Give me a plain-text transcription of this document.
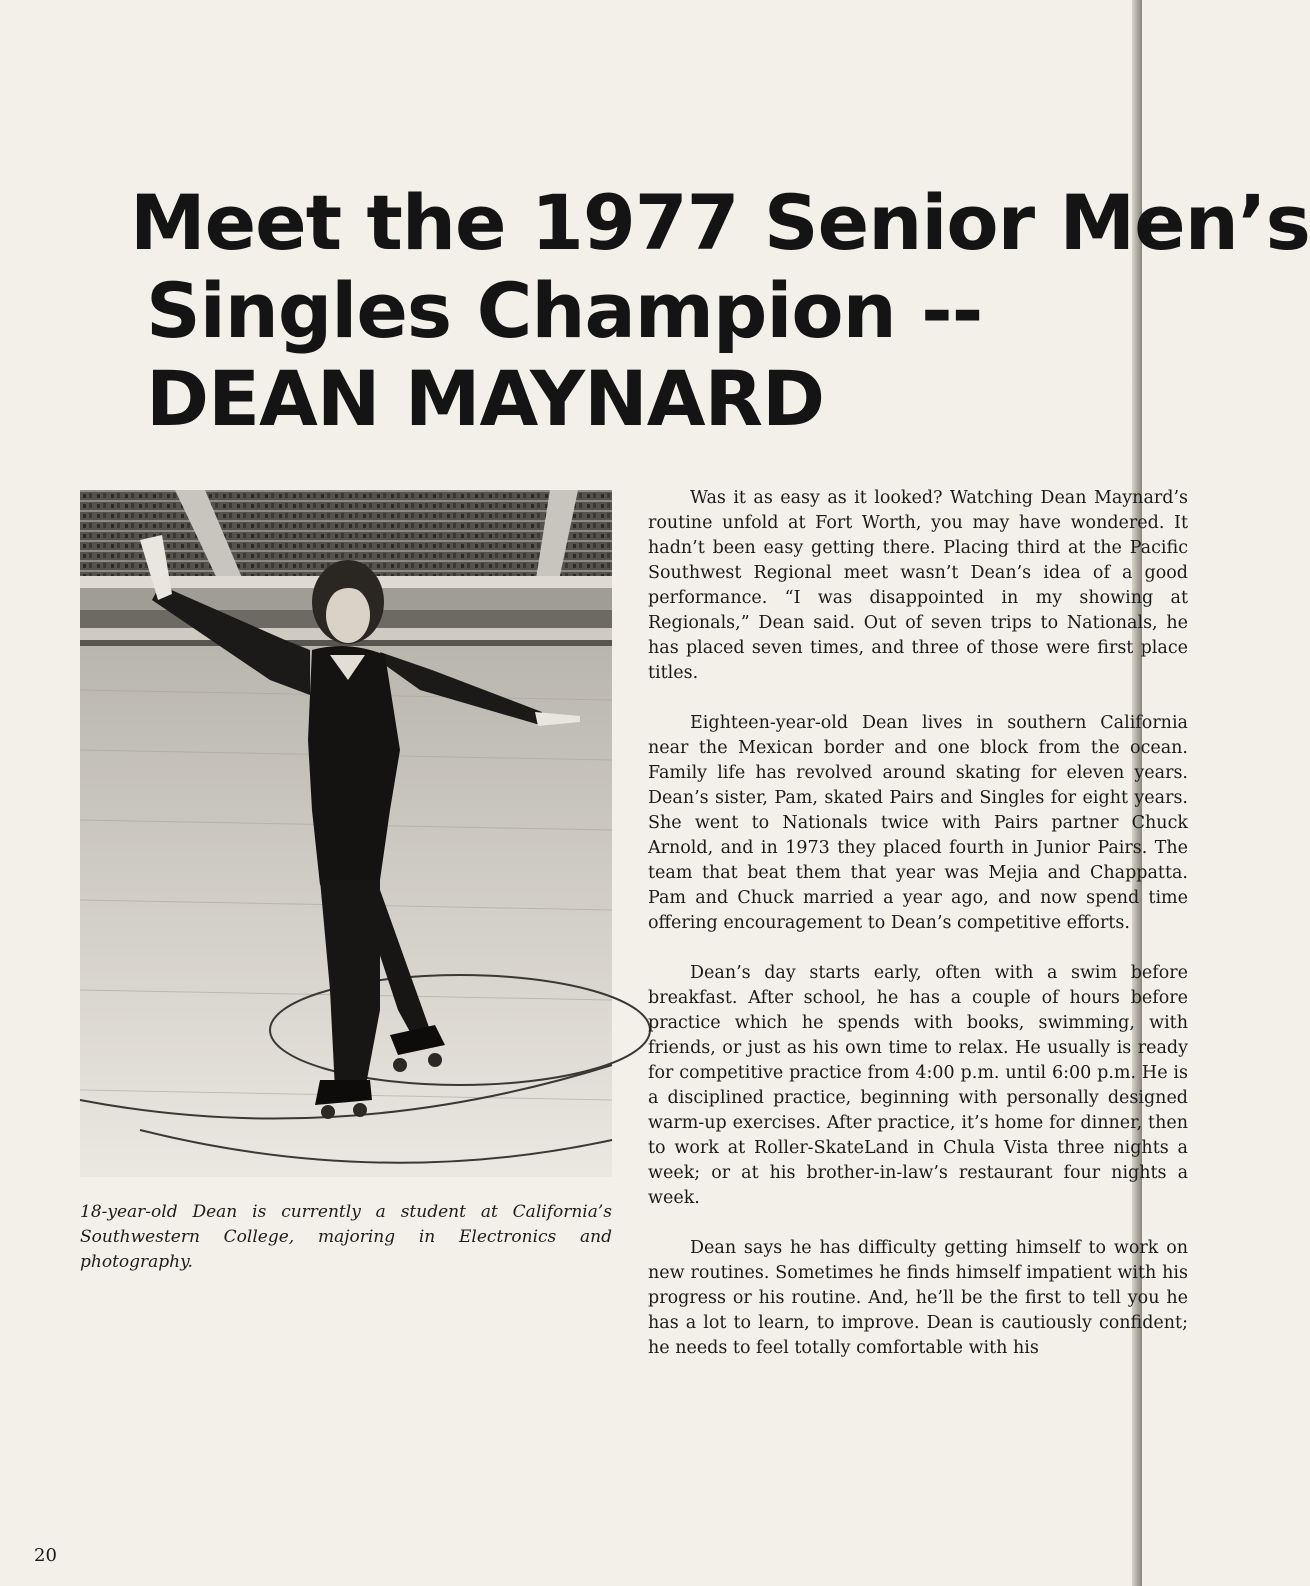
Meet the 1977 Senior Men’s
Singles Champion --
DEAN MAYNARD

18-year-old Dean is currently a student at California’s Southwestern College, majoring in Electronics and photography.

Was it as easy as it looked? Watching Dean Maynard’s routine unfold at Fort Worth, you may have wondered. It hadn’t been easy getting there. Placing third at the Pacific Southwest Regional meet wasn’t Dean’s idea of a good performance. “I was disappointed in my showing at Regionals,” Dean said. Out of seven trips to Nationals, he has placed seven times, and three of those were first place titles.

Eighteen-year-old Dean lives in southern California near the Mexican border and one block from the ocean. Family life has revolved around skating for eleven years. Dean’s sister, Pam, skated Pairs and Singles for eight years. She went to Nationals twice with Pairs partner Chuck Arnold, and in 1973 they placed fourth in Junior Pairs. The team that beat them that year was Mejia and Chappatta. Pam and Chuck married a year ago, and now spend time offering encouragement to Dean’s competitive efforts.

Dean’s day starts early, often with a swim before breakfast. After school, he has a couple of hours before practice which he spends with books, swimming, with friends, or just as his own time to relax. He usually is ready for competitive practice from 4:00 p.m. until 6:00 p.m. He is a disciplined practice, beginning with personally designed warm-up exercises. After practice, it’s home for dinner, then to work at Roller-SkateLand in Chula Vista three nights a week; or at his brother-in-law’s restaurant four nights a week.

Dean says he has difficulty getting himself to work on new routines. Sometimes he finds himself impatient with his progress or his routine. And, he’ll be the first to tell you he has a lot to learn, to improve. Dean is cautiously confident; he needs to feel totally comfortable with his

20
